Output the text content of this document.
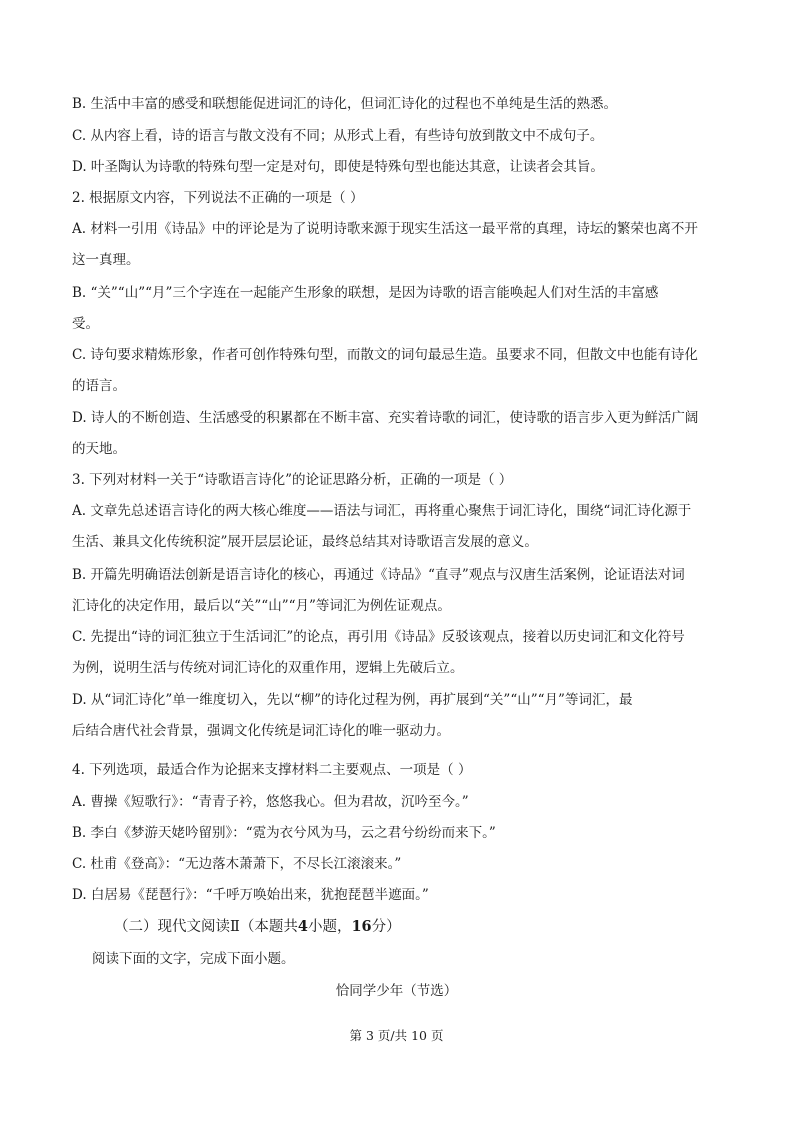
B. 生活中丰富的感受和联想能促进词汇的诗化，但词汇诗化的过程也不单纯是生活的熟悉。
C. 从内容上看，诗的语言与散文没有不同；从形式上看，有些诗句放到散文中不成句子。
D. 叶圣陶认为诗歌的特殊句型一定是对句，即使是特殊句型也能达其意，让读者会其旨。
2. 根据原文内容，下列说法不正确的一项是（ ）
A. 材料一引用《诗品》中的评论是为了说明诗歌来源于现实生活这一最平常的真理，诗坛的繁荣也离不开
这一真理。
B. “关”“山”“月”三个字连在一起能产生形象的联想，是因为诗歌的语言能唤起人们对生活的丰富感
受。
C. 诗句要求精炼形象，作者可创作特殊句型，而散文的词句最忌生造。虽要求不同，但散文中也能有诗化
的语言。
D. 诗人的不断创造、生活感受的积累都在不断丰富、充实着诗歌的词汇，使诗歌的语言步入更为鲜活广阔
的天地。
3. 下列对材料一关于“诗歌语言诗化”的论证思路分析，正确的一项是（ ）
A. 文章先总述语言诗化的两大核心维度——语法与词汇，再将重心聚焦于词汇诗化，围绕“词汇诗化源于
生活、兼具文化传统积淀”展开层层论证，最终总结其对诗歌语言发展的意义。
B. 开篇先明确语法创新是语言诗化的核心，再通过《诗品》“直寻”观点与汉唐生活案例，论证语法对词
汇诗化的决定作用，最后以“关”“山”“月”等词汇为例佐证观点。
C. 先提出“诗的词汇独立于生活词汇”的论点，再引用《诗品》反驳该观点，接着以历史词汇和文化符号
为例，说明生活与传统对词汇诗化的双重作用，逻辑上先破后立。
D. 从“词汇诗化”单一维度切入，先以“柳”的诗化过程为例，再扩展到“关”“山”“月”等词汇，最
后结合唐代社会背景，强调文化传统是词汇诗化的唯一驱动力。
4. 下列选项，最适合作为论据来支撑材料二主要观点、一项是（ ）
A. 曹操《短歌行》：“青青子衿，悠悠我心。但为君故，沉吟至今。”
B. 李白《梦游天姥吟留别》：“霓为衣兮风为马，云之君兮纷纷而来下。”
C. 杜甫《登高》：“无边落木萧萧下，不尽长江滚滚来。”
D. 白居易《琵琶行》：“千呼万唤始出来，犹抱琵琶半遮面。”
（二）现代文阅读Ⅱ（本题共4小题，16分）
阅读下面的文字，完成下面小题。
恰同学少年（节选）
第 3 页/共 10 页
